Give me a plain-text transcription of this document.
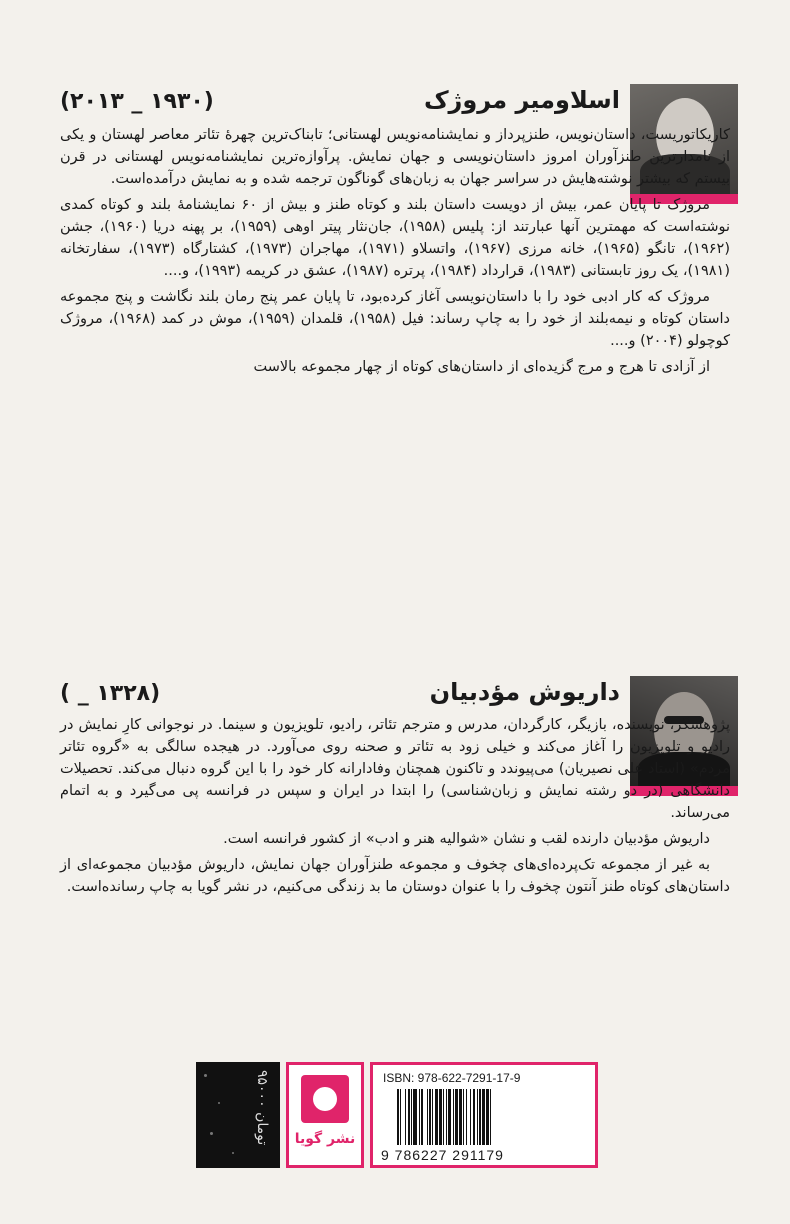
اسلاومیر مروژک
(۲۰۱۳ _ ۱۹۳۰)

کاریکاتوریست، داستان‌نویس، طنزپرداز و نمایشنامه‌نویس لهستانی؛ تابناک‌ترین چهرهٔ تئاتر معاصر لهستان و یکی از نامدارترین طنزآوران امروز داستان‌نویسی و جهان نمایش. پرآوازه‌ترین نمایشنامه‌نویس لهستانی در قرن بیستم که بیشتر نوشته‌هایش در سراسر جهان به زبان‌های گوناگون ترجمه شده و به نمایش درآمده‌است.

مروژک تا پایان عمر، بیش از دویست داستان بلند و کوتاه طنز و بیش از ۶۰ نمایشنامهٔ بلند و کوتاه کمدی نوشته‌است که مهمترین آنها عبارتند از: پلیس (۱۹۵۸)، جان‌نثار پیتر اوهی (۱۹۵۹)، بر پهنه دریا (۱۹۶۰)، جشن (۱۹۶۲)، تانگو (۱۹۶۵)، خانه مرزی (۱۹۶۷)، واتسلاو (۱۹۷۱)، مهاجران (۱۹۷۳)، کشتارگاه (۱۹۷۳)، سفارتخانه (۱۹۸۱)، یک روز تابستانی (۱۹۸۳)، قرارداد (۱۹۸۴)، پرتره (۱۹۸۷)، عشق در کریمه (۱۹۹۳)، و....

مروژک که کار ادبی خود را با داستان‌نویسی آغاز کرده‌بود، تا پایان عمر پنج رمان بلند نگاشت و پنج مجموعه داستان کوتاه و نیمه‌بلند از خود را به چاپ رساند: فیل (۱۹۵۸)، قلمدان (۱۹۵۹)، موش در کمد (۱۹۶۸)، مروژک کوچولو (۲۰۰۴) و....

از آزادی تا هرج و مرج گزیده‌ای از داستان‌های کوتاه از چهار مجموعه بالاست

داریوش مؤدبیان
( _ ۱۳۲۸)

پژوهشگر، نویسنده، بازیگر، کارگردان، مدرس و مترجم تئاتر، رادیو، تلویزیون و سینما. در نوجوانی کارِ نمایش در رادیو و تلویزیون را آغاز می‌کند و خیلی زود به تئاتر و صحنه روی می‌آورد. در هیجده سالگی به «گروه تئاتر مردم» (استاد علی نصیریان) می‌پیوندد و تاکنون همچنان وفادارانه کار خود را با این گروه دنبال می‌کند. تحصیلات دانشگاهی (در دو رشته نمایش و زبان‌شناسی) را ابتدا در ایران و سپس در فرانسه پی می‌گیرد و به اتمام می‌رساند.

داریوش مؤدبیان دارنده لقب و نشان «شوالیه هنر و ادب» از کشور فرانسه است.

به غیر از مجموعه تک‌پرده‌ای‌های چخوف و مجموعه طنزآوران جهان نمایش، داریوش مؤدبیان مجموعه‌ای از داستان‌های کوتاه طنز آنتون چخوف را با عنوان دوستان ما بد زندگی می‌کنیم، در نشر گویا به چاپ رسانده‌است.

۹۵۰۰۰ تومان	نشر گویا
ISBN: 978-622-7291-17-9
9 786227 291179
